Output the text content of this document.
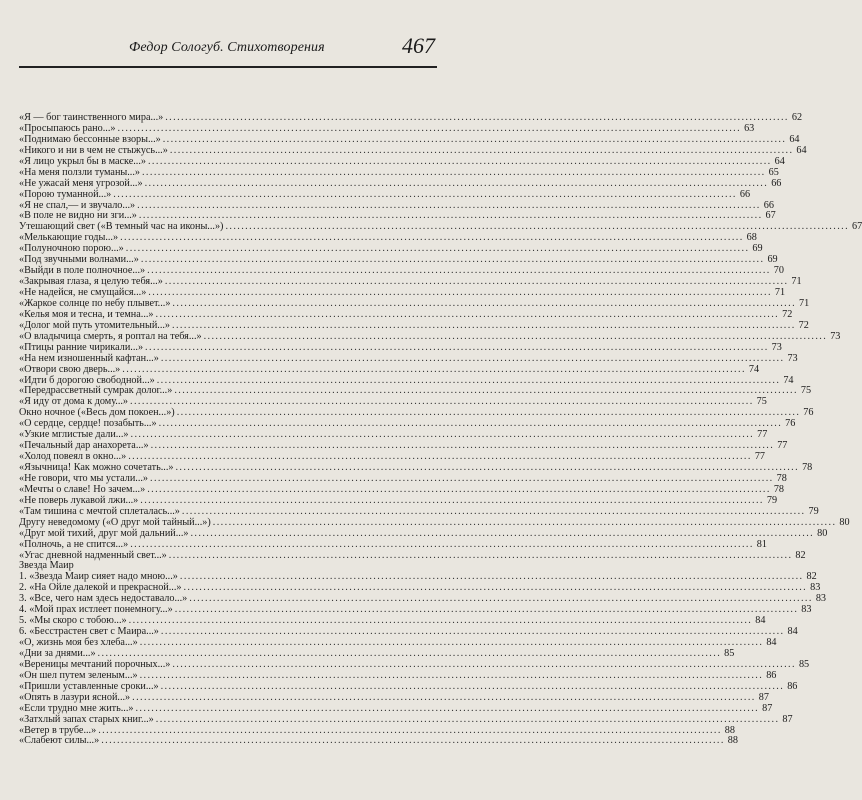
Федор Сологуб. Стихотворения	467
«Я — бог таинственного мира...» .....	62
«Просыпаюсь рано...» .....	63
«Поднимаю бессонные взоры...» .....	64
«Никого и ни в чем не стыжусь...» .....	64
«Я лицо укрыл бы в маске...» .....	64
«На меня ползли туманы...» .....	65
«Не ужасай меня угрозой...» .....	66
«Порою туманной...» .....	66
«Я не спал,— и звучало...» .....	66
«В поле не видно ни зги...» .....	67
Утешающий свет («В темный час на иконы...») .....	67
«Мелькающие годы...» .....	68
«Полуночною порою...» .....	69
«Под звучными волнами...» .....	69
«Выйди в поле полночное...» .....	70
«Закрывая глаза, я целую тебя...» .....	71
«Не надейся, не смущайся...» .....	71
«Жаркое солнце по небу плывет...» .....	71
«Келья моя и тесна, и темна...» .....	72
«Долог мой путь утомительный...» .....	72
«О владычица смерть, я роптал на тебя...» .....	73
«Птицы ранние чирикали...» .....	73
«На нем изношенный кафтан...» .....	73
«Отвори свою дверь...» .....	74
«Идти б дорогою свободной...» .....	74
«Передрассветный сумрак долог...» .....	75
«Я иду от дома к дому...» .....	75
Окно ночное («Весь дом покоен...») .....	76
«О сердце, сердце! позабыть...» .....	76
«Узкие мглистые дали...» .....	77
«Печальный дар анахорета...» .....	77
«Холод повеял в окно...» .....	77
«Язычница! Как можно сочетать...» .....	78
«Не говори, что мы устали...» .....	78
«Мечты о славе! Но зачем...» .....	78
«Не поверь лукавой лжи...» .....	79
«Там тишина с мечтой сплеталась...» .....	79
Другу неведомому («О друг мой тайный...») .....	80
«Друг мой тихий, друг мой дальний...» .....	80
«Полночь, а не спится...» .....	81
«Угас дневной надменный свет...» .....	82
Звезда Маир
1. «Звезда Маир сияет надо мною...» .....	82
2. «На Ойле далекой и прекрасной...» .....	83
3. «Все, чего нам здесь недоставало...» .....	83
4. «Мой прах истлеет понемногу...» .....	83
5. «Мы скоро с тобою...» .....	84
6. «Бесстрастен свет с Маира...» .....	84
«О, жизнь моя без хлеба...» .....	84
«Дни за днями...» .....	85
«Вереницы мечтаний порочных...» .....	85
«Он шел путем зеленым...» .....	86
«Пришли уставленные сроки...» .....	86
«Опять в лазури ясной...» .....	87
«Если трудно мне жить...» .....	87
«Затхлый запах старых книг...» .....	87
«Ветер в трубе...» .....	88
«Слабеют силы...» .....	88
